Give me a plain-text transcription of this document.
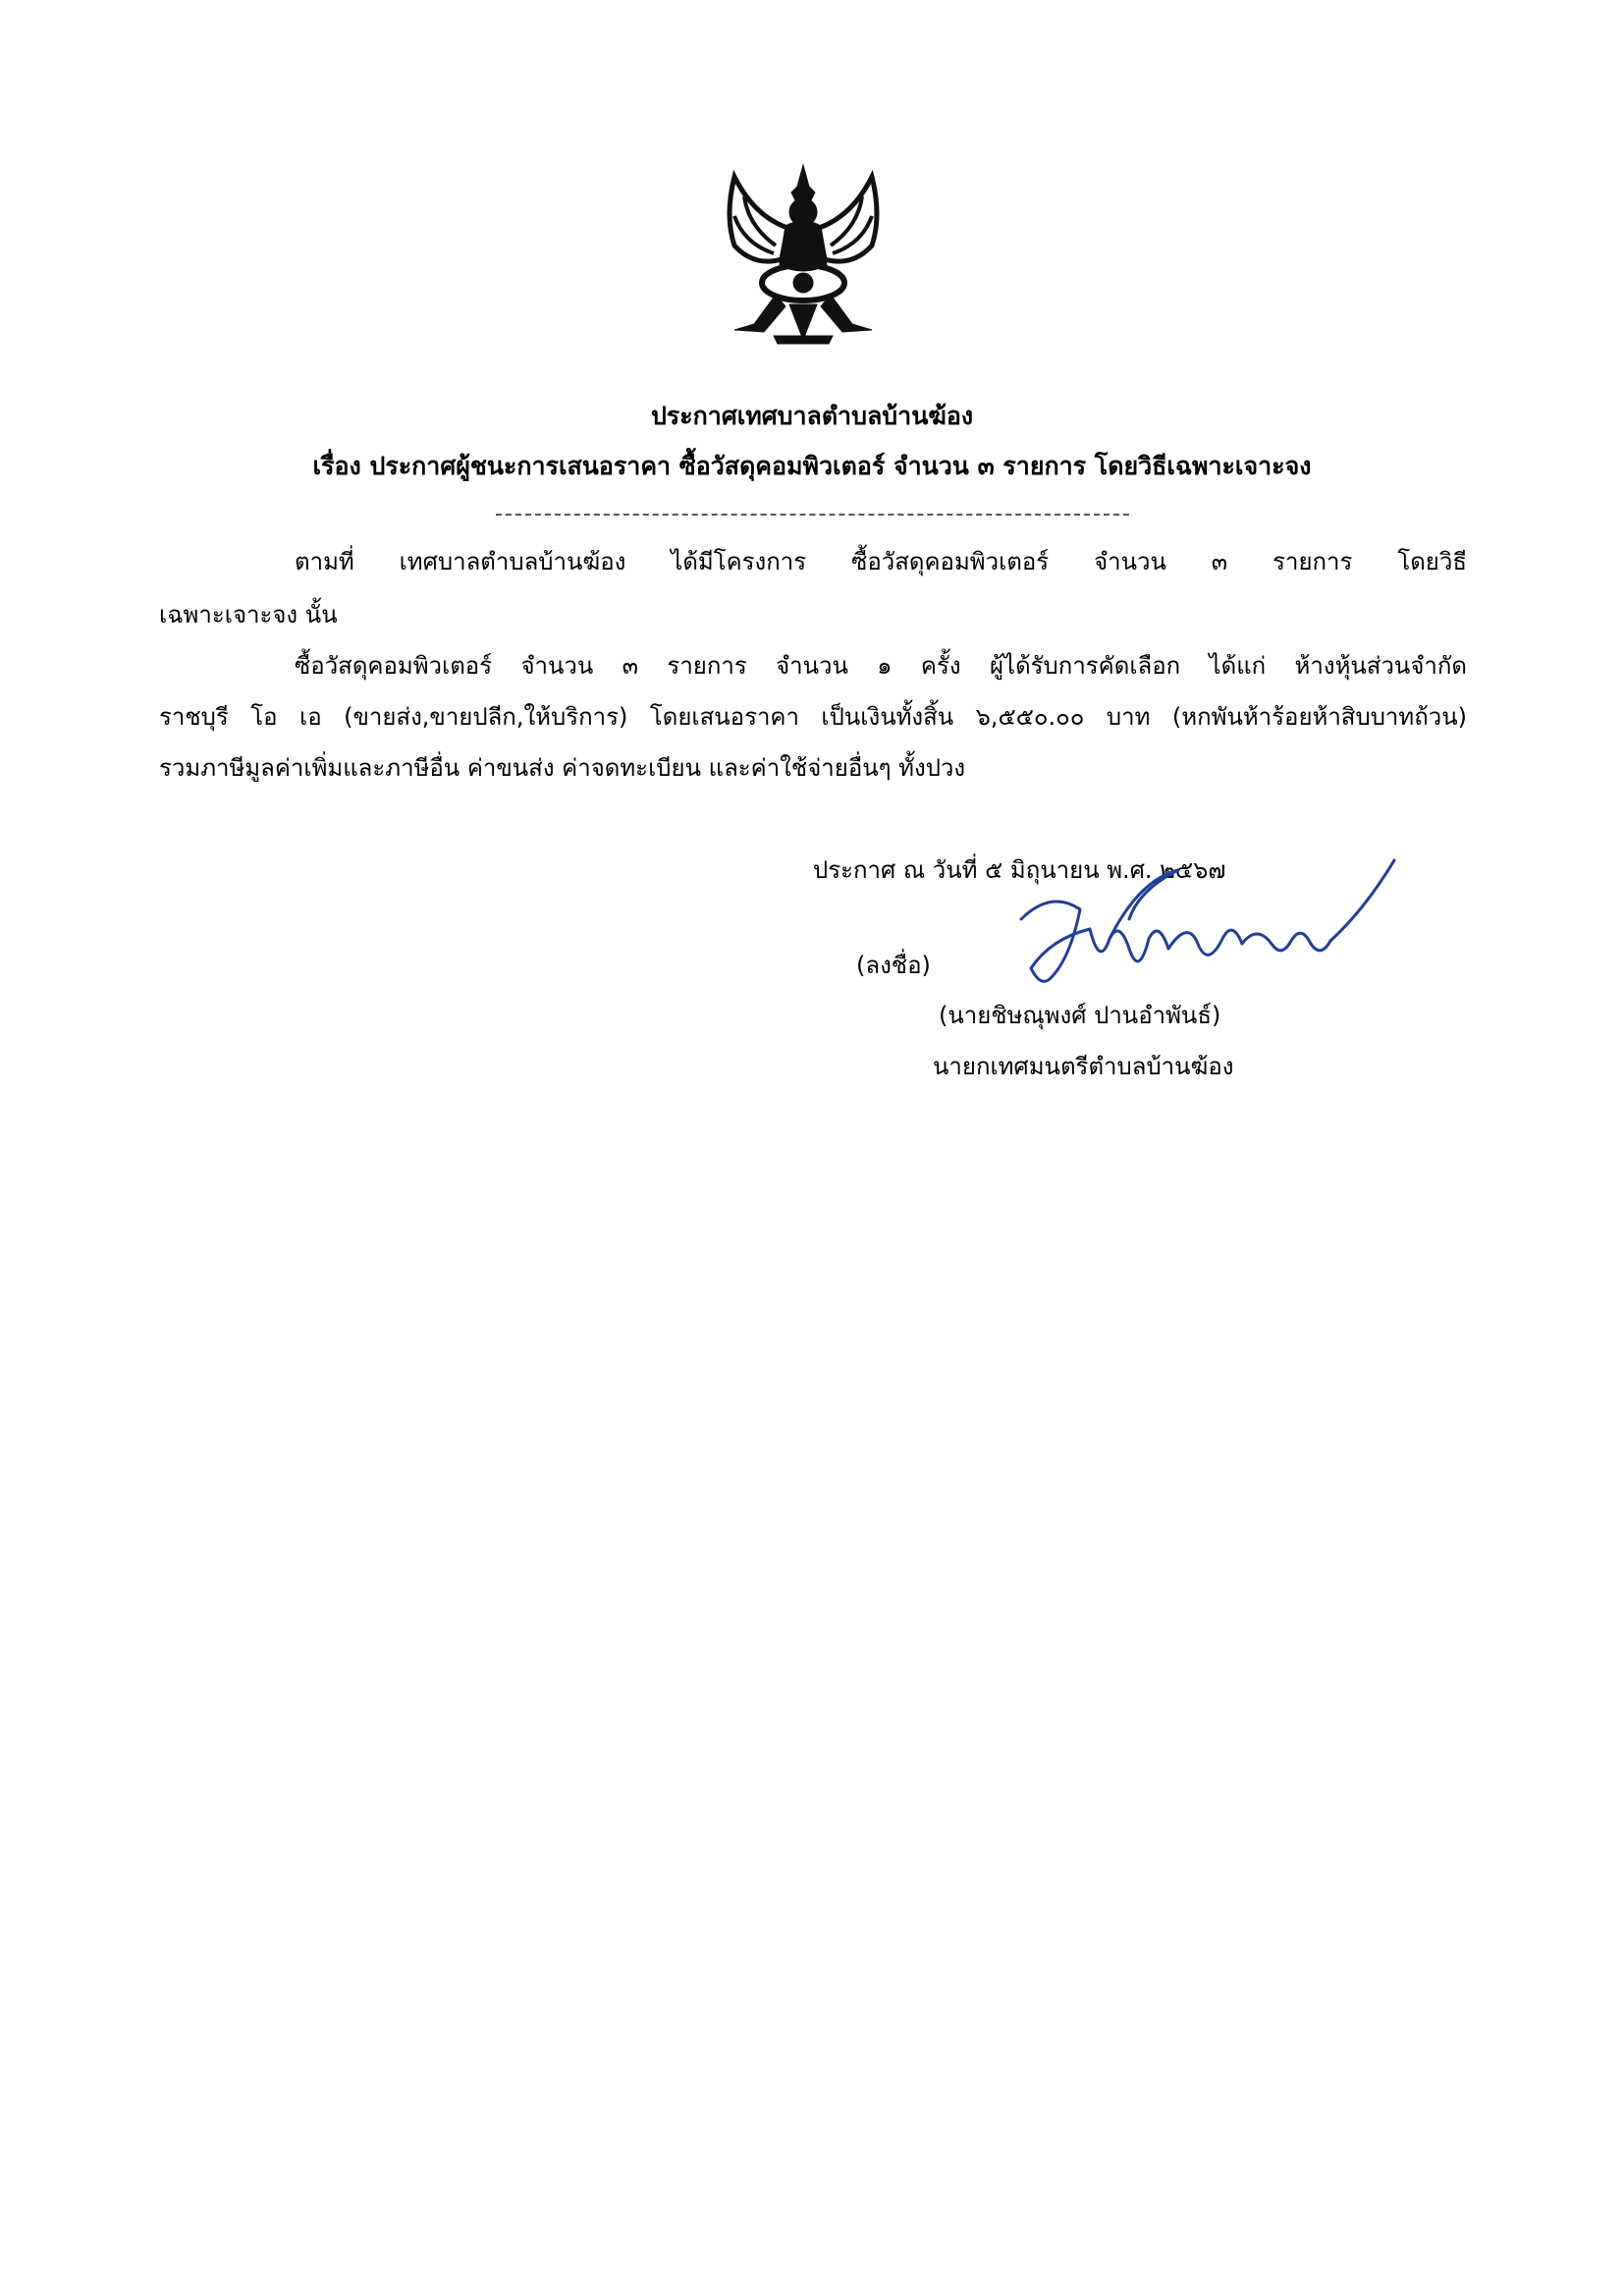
ประกาศเทศบาลตำบลบ้านฆ้อง
เรื่อง ประกาศผู้ชนะการเสนอราคา ซื้อวัสดุคอมพิวเตอร์ จำนวน ๓ รายการ โดยวิธีเฉพาะเจาะจง
ตามที่ เทศบาลตำบลบ้านฆ้อง ได้มีโครงการ ซื้อวัสดุคอมพิวเตอร์ จำนวน ๓ รายการ โดยวิธี
เฉพาะเจาะจง นั้น
ซื้อวัสดุคอมพิวเตอร์ จำนวน ๓ รายการ จำนวน ๑ ครั้ง ผู้ได้รับการคัดเลือก ได้แก่ ห้างหุ้นส่วนจำกัด
ราชบุรี โอ เอ (ขายส่ง,ขายปลีก,ให้บริการ) โดยเสนอราคา เป็นเงินทั้งสิ้น ๖,๕๕๐.๐๐ บาท (หกพันห้าร้อยห้าสิบบาทถ้วน)
รวมภาษีมูลค่าเพิ่มและภาษีอื่น ค่าขนส่ง ค่าจดทะเบียน และค่าใช้จ่ายอื่นๆ ทั้งปวง
ประกาศ ณ วันที่ ๕ มิถุนายน พ.ศ. ๒๕๖๗
(ลงชื่อ)
(นายชิษณุพงศ์ ปานอำพันธ์)
นายกเทศมนตรีตำบลบ้านฆ้อง
